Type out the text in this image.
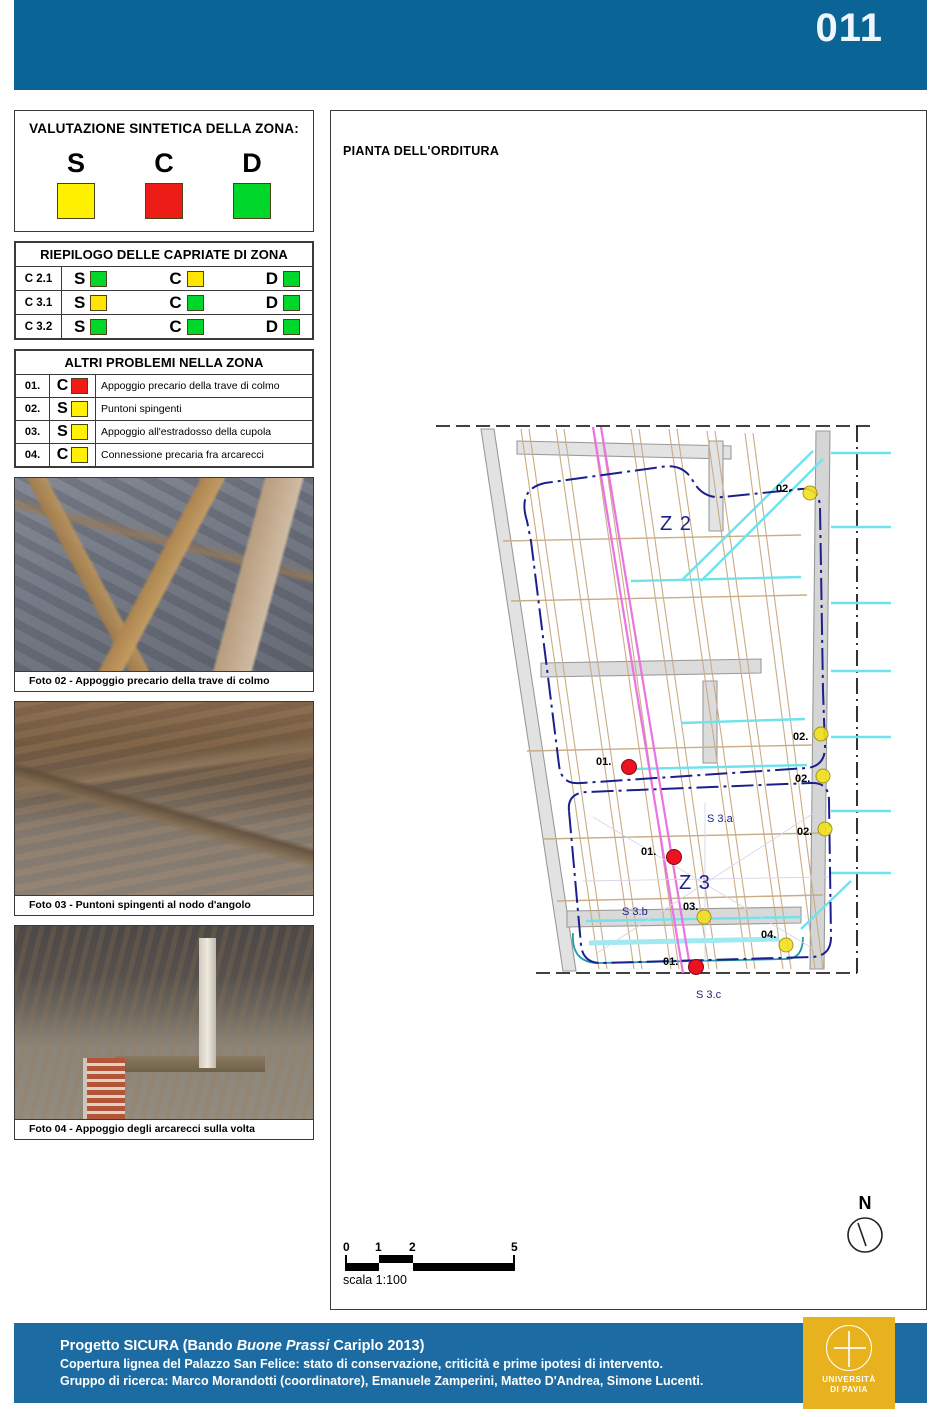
011
VALUTAZIONE SINTETICA DELLA ZONA:
S	C	D
RIEPILOGO DELLE CAPRIATE DI ZONA	
C 2.1	S C D

C 3.1	S C D

C 3.2	S C D
ALTRI PROBLEMI NELLA ZONA		
01.	C	Appoggio precario della trave di colmo
02.	S	Puntoni spingenti
03.	S	Appoggio all'estradosso della cupola
04.	C	Connessione precaria fra arcarecci
Foto 02 - Appoggio precario della trave di colmo
Foto 03 - Puntoni spingenti al nodo d'angolo
Foto 04 - Appoggio degli arcarecci sulla volta
PIANTA DELL'ORDITURA
Z 2
Z 3
S 3.a
S 3.b
S 3.c
01.
01.
01.
02.
02.
02.
02.
03.
04.
0 1 2	5
scala 1:100
N
Progetto SICURA (Bando Buone Prassi Cariplo 2013)
Copertura lignea del Palazzo San Felice: stato di conservazione, criticità e prime ipotesi di intervento.
Gruppo di ricerca: Marco Morandotti (coordinatore), Emanuele Zamperini, Matteo D'Andrea, Simone Lucenti.	UNIVERSITÀ
DI PAVIA
